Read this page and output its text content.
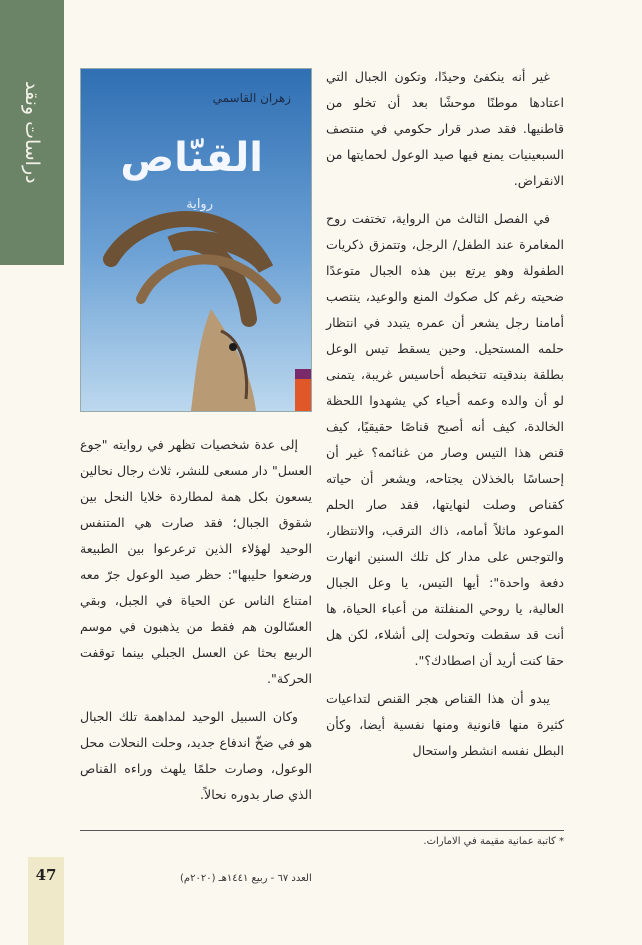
دراسات ونقد	زهران القاسمي
القنّاص
رواية

غير أنه ينكفئ وحيدًا، وتكون الجبال التي اعتادها موطنًا موحشًا بعد أن تخلو من قاطنيها. فقد صدر قرار حكومي في منتصف السبعينيات يمنع فيها صيد الوعول لحمايتها من الانقراض.

في الفصل الثالث من الرواية، تختفت روح المغامرة عند الطفل/ الرجل، وتتمزق ذكريات الطفولة وهو يرتع بين هذه الجبال متوعدًا ضحيته رغم كل صكوك المنع والوعيد، ينتصب أمامنا رجل يشعر أن عمره يتبدد في انتظار حلمه المستحيل. وحين يسقط تيس الوعل بطلقة بندقيته تتخبطه أحاسيس غريبة، يتمنى لو أن والده وعمه أحياء كي يشهدوا اللحظة الخالدة، كيف أنه أصبح قناصًا حقيقيًا، كيف قنص هذا التيس وصار من غنائمه؟ غير أن إحساسًا بالخذلان يجتاحه، ويشعر أن حياته كقناص وصلت لنهايتها، فقد صار الحلم الموعود ماثلاً أمامه، ذاك الترقب، والانتظار، والتوجس على مدار كل تلك السنين انهارت دفعة واحدة": أيها التيس، يا وعل الجبال العالية، يا روحي المنفلتة من أعباء الحياة، ها أنت قد سقطت وتحولت إلى أشلاء، لكن هل حقا كنت أريد أن اصطادك؟".

يبدو أن هذا القناص هجر القنص لتداعيات كثيرة منها قانونية ومنها نفسية أيضا، وكأن البطل نفسه انشطر واستحال

إلى عدة شخصيات تظهر في روايته "جوع العسل" دار مسعى للنشر، ثلاث رجال نحالين يسعون بكل همة لمطاردة خلايا النحل بين شقوق الجبال؛ فقد صارت هي المتنفس الوحيد لهؤلاء الذين ترعرعوا بين الطبيعة ورضعوا حليبها": حظر صيد الوعول جرّ معه امتناع الناس عن الحياة في الجبل، وبقي العسّالون هم فقط من يذهبون في موسم الربيع بحثا عن العسل الجبلي بينما توقفت الحركة".

وكان السبيل الوحيد لمداهمة تلك الجبال هو في ضخّ اندفاع جديد، وحلت النحلات محل الوعول، وصارت حلمًا يلهث وراءه القناص الذي صار بدوره نحالاً.

* كاتبة عمانية مقيمة في الامارات.
47	العدد ٦٧ - ربيع ١٤٤١هـ (٢٠٢٠م)
